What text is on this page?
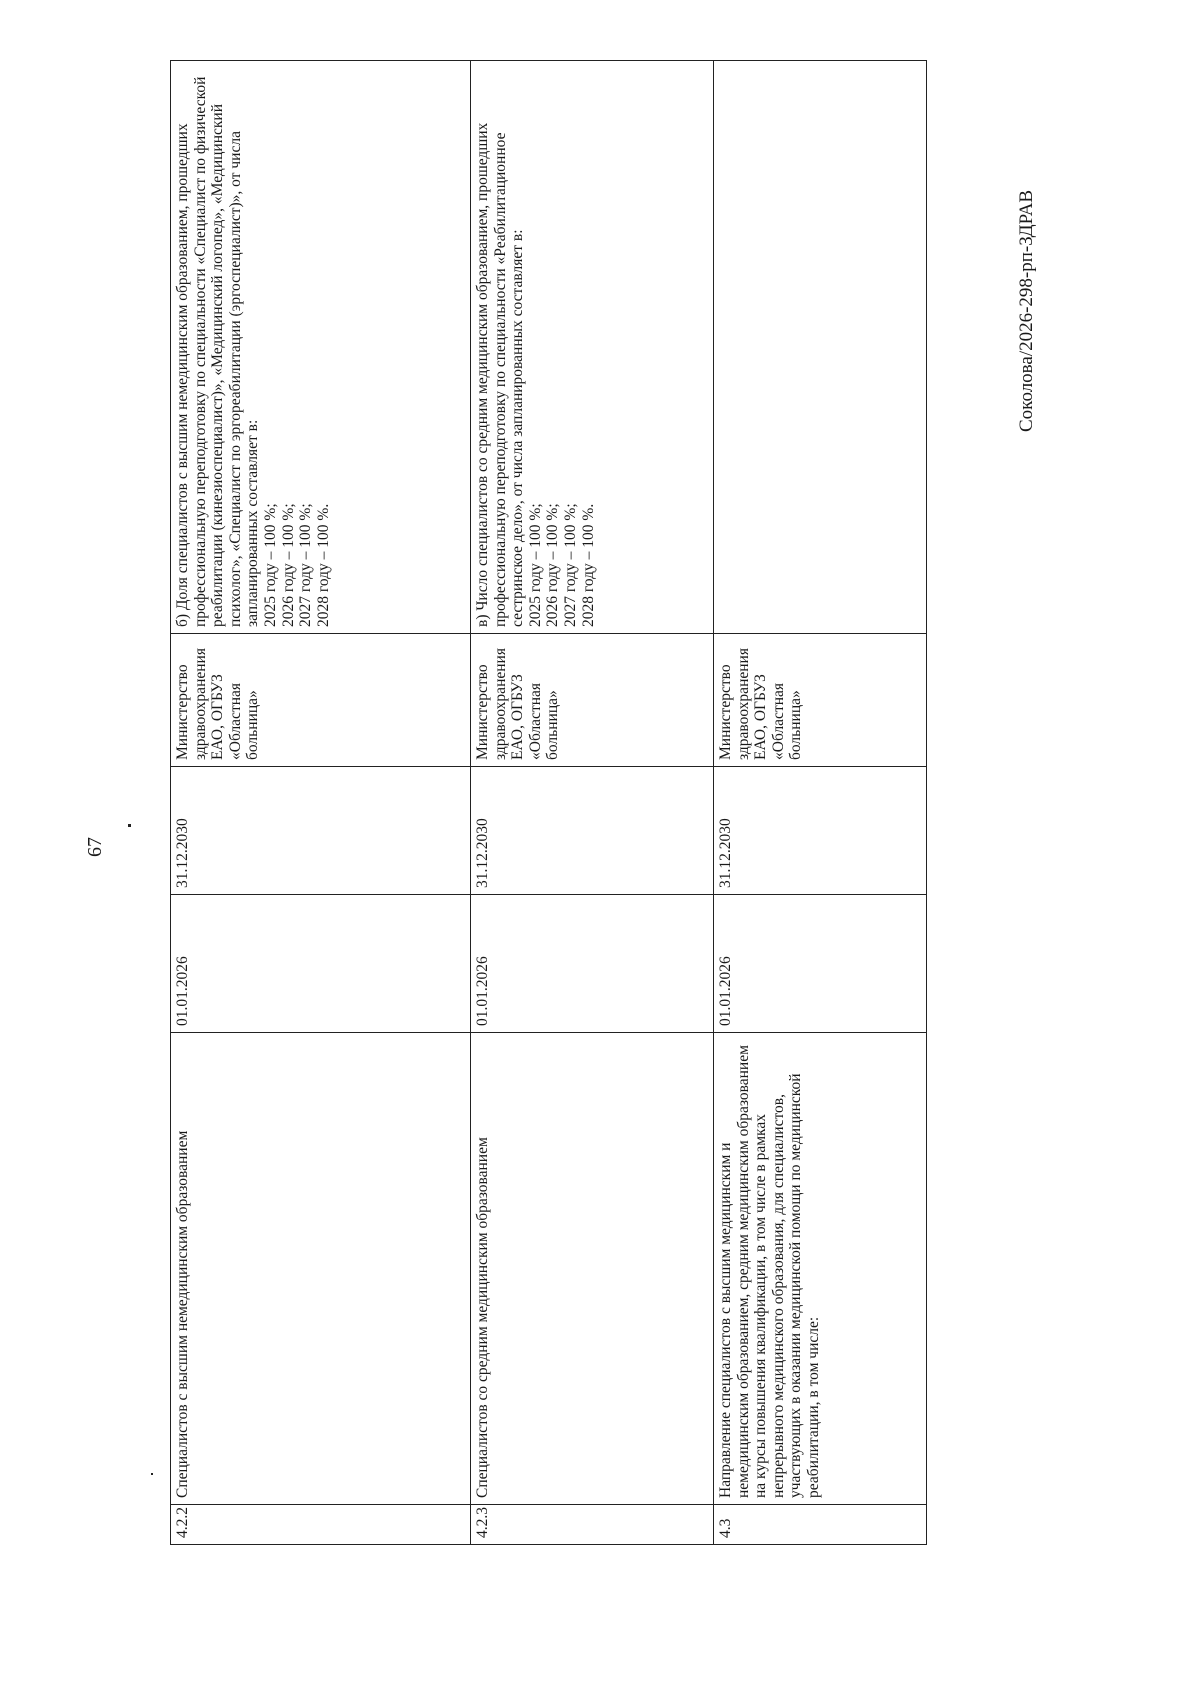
67
Соколова/2026-298-рп-ЗДРАВ
4.2.2	Специалистов с высшим немедицинским образованием	01.01.2026	31.12.2030	Министерство здравоохранения ЕАО, ОГБУЗ «Областная больница»	б) Доля специалистов с высшим немедицинским образованием, прошедших профессиональную переподготовку по специальности «Специалист по физической реабилитации (кинезиоспециалист)», «Медицинский логопед», «Медицинский психолог», «Специалист по эргореабилитации (эргоспециалист)», от числа запланированных составляет в: 2025 году – 100 %; 2026 году – 100 %; 2027 году – 100 %; 2028 году – 100 %.

4.2.3	Специалистов со средним медицинским образованием	01.01.2026	31.12.2030	Министерство здравоохранения ЕАО, ОГБУЗ «Областная больница»	в) Число специалистов со средним медицинским образованием, прошедших профессиональную переподготовку по специальности «Реабилитационное сестринское дело», от числа запланированных составляет в: 2025 году – 100 %; 2026 году – 100 %; 2027 году – 100 %; 2028 году – 100 %.

4.3	Направление специалистов с высшим медицинским и немедицинским образованием, средним медицинским образованием на курсы повышения квалификации, в том числе в рамках непрерывного медицинского образования, для специалистов, участвующих в оказании медицинской помощи по медицинской реабилитации, в том числе:	01.01.2026	31.12.2030	Министерство здравоохранения ЕАО, ОГБУЗ «Областная больница»	
